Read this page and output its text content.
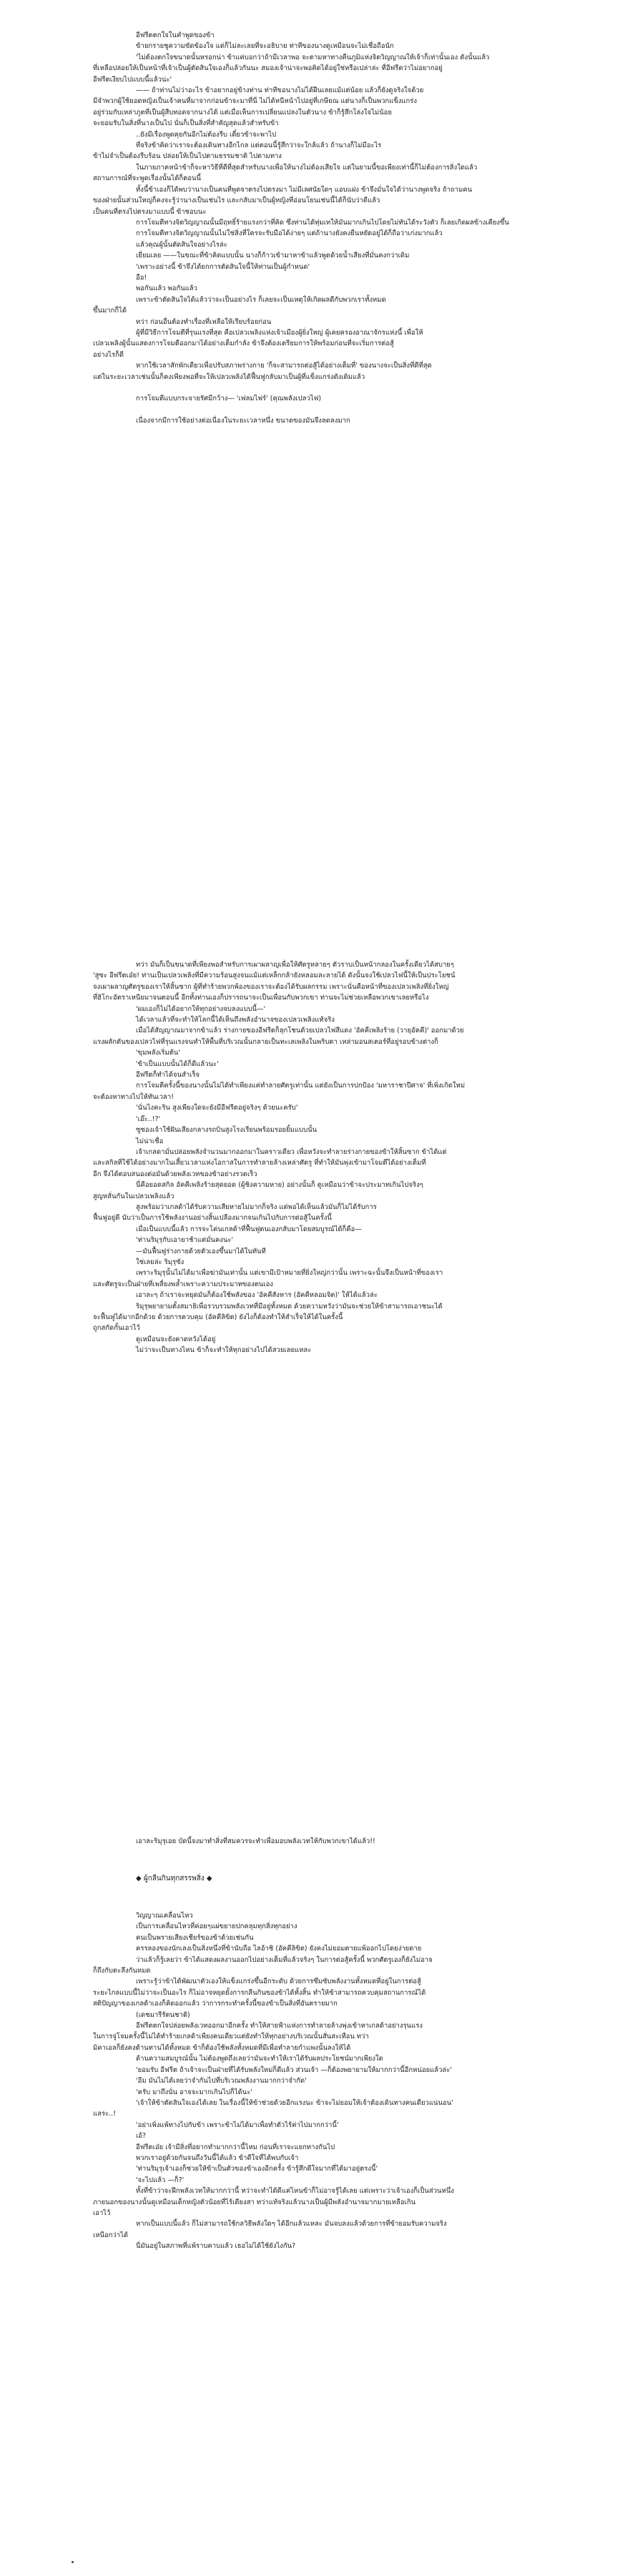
อีฟรีตตกใจในคำพูดของข้า

ข้ายกรายชูความขัดข้องใจ แต่ก็ไม่ละเลยที่จะอธิบาย ท่าทีของนางดูเหมือนจะไม่เชื่อถือนัก

'ไม่ต้องตกใจขนาดนั้นหรอกน่า ข้าแค่บอกว่าถ้ามีเวลาพอ จะตามหาทางคืนภูมิแห่งจิตวิญญาณให้เจ้าก็เท่านั้นเอง ดังนั้นแล้ว

ที่เหลือปล่อยให้เป็นหน้าที่เจ้าเป็นผู้ตัดสินใจเองก็แล้วกันนะ สมองเจ้าน่าจะพอคิดได้อยู่ใช่หรือเปล่าล่ะ ที่อีฟรีตว่าไม่อยากอยู่

อีฟรีตเงียบไปแบบนี้แล้วน่ะ'

—— ถ้าท่านไม่ว่าอะไร ข้าอยากอยู่ข้างท่าน ท่าทีขอนางไม่ได้ฝืนเลยแม้แต่น้อย แล้วก็ยังดูจริงใจด้วย

มีจำพวกผู้ใช้ยอดหญิงเป็นเจ้าคนที่มาจากก่อนข้าจะมาที่นี่ ไม่ได้หนีหน้าไปอยู่ที่เกษียณ แต่นางก็เป็นพวกแข็งแกร่ง

อยู่ร่วมกับเหล่าภูตที่เป็นผู้สืบทอดจากนางได้ แต่เมื่อเห็นการเปลี่ยนแปลงในตัวนาง ข้าก็รู้สึกโล่งใจไม่น้อย

จะยอมรับในสิ่งที่นางเป็นไป นั่นก็เป็นสิ่งที่สำคัญสุดแล้วสำหรับข้า

..ยังมีเรื่องพูดคุยกันอีกไม่ต้องรีบ เดี๋ยวข้าจะพาไป

ที่จริงข้าคิดว่าเราจะต้องเดินทางอีกไกล แต่ตอนนี้รู้สึกว่าจะใกล้แล้ว ถ้านางก็ไม่มีอะไร

ข้าไม่จำเป็นต้องรีบร้อน ปล่อยให้เป็นไปตามธรรมชาติ ไปตามทาง

ในภายภาคหน้าข้าก็จะหาวิธีที่ดีที่สุดสำหรับนางเพื่อให้นางไม่ต้องเสียใจ แต่ในยามนี้ขอเพียงเท่านี้ก็ไม่ต้องการสิ่งใดแล้ว

สถานการณ์ที่จะพูดเรื่องนั้นได้ก็ตอนนี้

ทั้งนี้ข้าเองก็ได้พบว่านางเป็นคนที่พูดจาตรงไปตรงมา ไม่มีเลศนัยใดๆ แอบแฝง ข้าจึงมั่นใจได้ว่านางพูดจริง ถ้าถามคน

ของฝ่ายนั้นส่วนใหญ่ก็คงจะรู้ว่านางเป็นเช่นไร และกลับมาเป็นผู้หญิงที่อ่อนโยนเช่นนี้ได้ก็นับว่าดีแล้ว

เป็นคนที่ตรงไปตรงมาแบบนี้ ข้าชอบนะ

การโจมตีทางจิตวิญญาณนั้นมีฤทธิ์ร้ายแรงกว่าที่คิด ซึ่งท่านได้ทุ่มเทให้มันมากเกินไปโดยไม่ทันได้ระวังตัว ก็เลยเกิดผลข้างเคียงขึ้น

การโจมตีทางจิตวิญญาณนั้นไม่ใช่สิ่งที่ใครจะรับมือได้ง่ายๆ แต่ถ้านางยังคงยืนหยัดอยู่ได้ก็ถือว่าเก่งมากแล้ว

แล้วคุณผู้นั้นตัดสินใจอย่างไรล่ะ

เยี่ยมเลย ——ในขณะที่ข้าคิดแบบนั้น นางก็ก้าวเข้ามาหาข้าแล้วพูดด้วยน้ำเสียงที่มั่นคงกว่าเดิม

'เพราะอย่างนี้ ข้าจึงได้ยกการตัดสินใจนี้ให้ท่านเป็นผู้กำหนด'

อือ!

พอกันแล้ว พอกันแล้ว

เพราะข้าตัดสินใจได้แล้วว่าจะเป็นอย่างไร ก็เลยจะเป็นเหตุให้เกิดผลดีกับพวกเราทั้งหมด

ขึ้นมากก็ได้

ทว่า ก่อนอื่นต้องทำเรื่องที่เหลือให้เรียบร้อยก่อน

ผู้ที่มีวิธีการโจมตีที่รุนแรงที่สุด คือเปลวเพลิงแห่งเจ้าเมืองผู้ยิ่งใหญ่ ผู้เคยครองอาณาจักรแห่งนี้ เพื่อให้

เปลวเพลิงผู้นั้นแสดงการโจมตีออกมาได้อย่างเต็มกำลัง ข้าจึงต้องเตรียมการให้พร้อมก่อนที่จะเริ่มการต่อสู้

อย่างไรก็ดี

หากใช้เวลาสักพักเดียวเพื่อปรับสภาพร่างกาย 'ก็จะสามารถต่อสู้ได้อย่างเต็มที่' ของนางจะเป็นสิ่งที่ดีที่สุด

แต่ในระยะเวลาเช่นนั้นก็คงเพียงพอที่จะให้เปลวเพลิงได้ฟื้นฟูกลับมาเป็นผู้ที่แข็งแกร่งดังเดิมแล้ว

การโจมตีแบบกระจายรัศมีกว้าง— 'เฟลมไฟร์' (คุณพลังเปลวไฟ)

เนื่องจากมีการใช้อย่างต่อเนื่องในระยะเวลาหนึ่ง ขนาดของมันจึงลดลงมาก

ทว่า มันก็เป็นขนาดที่เพียงพอสำหรับการเผาผลาญเพื่อให้ศัตรูหลายๆ ตัวราบเป็นหน้ากลองในครั้งเดียวได้สบายๆ

'สูซะ อีฟรีตเอ๋ย! ท่านเป็นเปลวเพลิงที่มีความร้อนสูงจนแม้แต่เหล็กกล้ายังหลอมละลายได้ ดังนั้นจงใช้เปลวไฟนี้ให้เป็นประโยชน์

จงเผาผลาญศัตรูของเราให้สิ้นซาก ผู้ที่ทำร้ายพวกพ้องของเราจะต้องได้รับผลกรรม เพราะนั่นคือหน้าที่ของเปลวเพลิงที่ยิ่งใหญ่

ที่ฮิโกะอัตราเหนียมาจนตอนนี้ อีกทั้งท่านเองก็ปรารถนาจะเป็นเพื่อนกับพวกเขา ท่านจะไม่ช่วยเหลือพวกเขาเลยหรือไง

'ผมเองก็ไม่ได้อยากให้ทุกอย่างจบลงแบบนี้—'

ได้เวลาแล้วที่จะทำให้โลกนี้ได้เห็นถึงพลังอำนาจของเปลวเพลิงแท้จริง

เมื่อได้สัญญาณมาจากข้าแล้ว ร่างกายของอีฟรีตก็ลุกโชนด้วยเปลวไฟสีแดง 'อัคคีเพลิงร้าย (วายุอัคคี)' ออกมาด้วย

แรงผลักดันของเปลวไฟที่รุนแรงจนทำให้พื้นที่บริเวณนั้นกลายเป็นทะเลเพลิงในพริบตา เหล่ามอนสเตอร์ที่อยู่รอบข้างต่างก็

'ขุมพลังเริ่มต้น'

'ข้าเป็นแบบนั้นได้ก็ดีแล้วนะ'

อีฟรีตก็ทำได้จนสำเร็จ

การโจมตีครั้งนี้ของนางนั้นไม่ได้ทำเพียงแค่ทำลายศัตรูเท่านั้น แต่ยังเป็นการปกป้อง 'มหาราชาปีศาจ' ที่เพิ่งเกิดใหม่

จะต้องหาทางไปให้ทันเวลา!

'นั่นไงคะริน สูงเพียงใดจะยังมีอีฟรีตอยู่จริงๆ ด้วยนะครับ'

'เอ๊ะ..!?'

ซูซองเจ้าใช้ฝันเสียงกลางรถบินสูงโรงเรียนพร้อมรอยยิ้มแบบนั้น

ไม่น่าเชื่อ

เจ้าเกลดามั่นปล่อยพลังจำนวนมากออกมาในคราวเดียว เพื่อหวังจะทำลายร่างกายของข้าให้สิ้นซาก ข้าได้แต่

และสกิลที่ใช้ได้อย่างมากในเสี้ยวเวลาแห่งโอกาสในการทำลายล้างเหล่าศัตรู ที่ทำให้มันพุ่งเข้ามาโจมตีได้อย่างเต็มที่

อีก จึงได้ตอบสนองต่อมันด้วยพลังเวทของข้าอย่างรวดเร็ว

นี่คือยอดสกิล อัคคีเพลิงร้ายสุดยอด (ผู้ชิงความหาย) อย่างนั้นก็ ดูเหมือนว่าข้าจะประมาทเกินไปจริงๆ

สูญหลั่นกันในเปลวเพลิงแล้ว

สูงพร้อมว่าเกลด้าได้รับความเสียหายไม่มากก็จริง แต่พอได้เห็นแล้วมันก็ไม่ได้รับการ

ฟื้นฟูอยู่ดี นับว่าเป็นการใช้พลังงานอย่างสิ้นเปลืองมากจนเกินไปกับการต่อสู้ในครั้งนี้

เมื่อเป็นแบบนี้แล้ว การจะโค่นเกลด้าที่ฟื้นฟูตนเองกลับมาโดยสมบูรณ์ได้ก็คือ—

'ท่านริมุรุกับเอายาช้าแต่มั่นคงนะ'

—มันฟื้นฟูร่างกายด้วยตัวเองขึ้นมาได้ในทันที

ใช่เลยล่ะ ริมุรุซัง

เพราะริมุรุนั้นไม่ได้มาเพื่อฆ่ามันเท่านั้น แต่เขามีเป้าหมายที่ยิ่งใหญ่กว่านั้น เพราะฉะนั้นจึงเป็นหน้าที่ของเรา

และศัตรูจะเป็นฝ่ายที่เพลี่ยงพล้ำเพราะความประมาทของตนเอง

เอาละๆ ถ้าเราจะหยุดมันก็ต้องใช้พลังของ 'อัคคีสังหาร (อัคคีหลอมจิต)' ให้ได้แล้วล่ะ

ริมุรุพยายามตั้งสมาธิเพื่อรวบรวมพลังเวทที่มีอยู่ทั้งหมด ด้วยความหวังว่ามันจะช่วยให้ข้าสามารถเอาชนะได้

จะฟื้นฟูได้มากอีกด้วย ด้วยการควบคุม (อัคคีลิขิต) ยังไงก็ต้องทำให้สำเร็จให้ได้ในครั้งนี้

ถูกสกัดกั้นเอาไว้

ดูเหมือนจะยังคาดหวังได้อยู่

ไม่ว่าจะเป็นทางไหน ข้าก็จะทำให้ทุกอย่างไปได้สวยเลยแหละ

เอาละริมุรุเอย บัดนี้จงมาทำสิ่งที่สมควรจะทำเพื่อมอบพลังเวทให้กับพวกเขาได้แล้ว!!

◆ ผู้กลืนกินทุกสรรพสิ่ง ◆

วิญญาณเคลื่อนไหว

เป็นการเคลื่อนไหวที่ค่อยๆแผ่ขยายปกคลุมทุกสิ่งทุกอย่าง

คนเป็นพรายเสียงเชียร์ของข้าด้วยเช่นกัน

ครรลองของนักเลงเป็นสิ่งหนึ่งที่ข้านับถือ ไลอ้าชิ (อัคคีลิขิต) ยังคงไม่ยอมตายแพ้ออกไปโดยง่ายดาย

ว่าแล้วก็รู้เลยว่า ข้าได้แสดงผลงานออกไปอย่างเต็มที่แล้วจริงๆ ในการต่อสู้ครั้งนี้ พวกศัตรูเองก็ยังไม่อาจ

ก็ถึงกับตะลึงกันหมด

เพราะรู้ว่าข้าได้พัฒนาตัวเองให้แข็งแกร่งขึ้นอีกระดับ ด้วยการซึมซับพลังงานทั้งหมดที่อยู่ในการต่อสู้

ระยะไกลแบบนี้ไม่ว่าจะเป็นอะไร ก็ไม่อาจหยุดยั้งการกลืนกินของข้าได้ทั้งสิ้น ทำให้ข้าสามารถควบคุมสถานการณ์ได้

สติปัญญาของเกลด้าเองก็คิดออกแล้ว ว่าการกระทำครั้งนี้ของข้าเป็นสิ่งที่อันตรายมาก

(เดชมารีรัตนชาติ)

อีฟรีตตกใจปล่อยพลังเวทออกมาอีกครั้ง ทำให้สายฟ้าแห่งการทำลายล้างพุ่งเข้าหาเกลด้าอย่างรุนแรง

ในการจู่โจมครั้งนี้ไม่ได้ทำร้ายเกลด้าเพียงคนเดียวแต่ยังทำให้ทุกอย่างบริเวณนั้นสั่นสะเทือน ทว่า

มิคาเอลก็ยังคงต้านทานได้ทั้งหมด ข้าก็ต้องใช้พลังทั้งหมดที่มีเพื่อทำลายกำแพงนั้นลงให้ได้

ด้านความสมบูรณ์นั้น ไม่ต้องพูดถึงเลยว่ามันจะทำให้เราได้รับผลประโยชน์มากเพียงใด

'ยอมรับ อีฟรีต ถ้าเจ้าจะเป็นฝ่ายที่ได้รับพลังใหม่ก็ดีแล้ว ส่วนเจ้า —ก็ต้องพยายามให้มากกว่านี้อีกหน่อยแล้วล่ะ'

'อืม มันไม่ได้เลยว่าจำกันไปที่บริเวณพลังงานมากกว่าจำกัด'

'ครับ มาถึงนั่น อาจจะมากเกินไปก็ได้นะ'

'เจ้าให้ข้าตัดสินใจเองได้เลย ในเรื่องนี้ให้ข้าช่วยด้วยอีกแรงนะ ข้าจะไม่ยอมให้เจ้าต้องเดินทางคนเดียวแน่นอน'

แลระ..!

'อย่าเพิ่งแพ้ทางไปกับข้า เพราะข้าไม่ได้มาเพื่อทำตัวไร้ค่าไปมากกว่านี้'

เอ้?

อีฟรีตเอ๋ย เจ้ามีสิ่งที่อยากทำมากกว่านี้ไหม ก่อนที่เราจะแยกทางกันไป

พวกเราอยู่ด้วยกันจนถึงวันนี้ได้แล้ว ข้าดีใจที่ได้พบกับเจ้า

'ท่านริมุรุเจ้าเองก็ช่วยให้ข้าเป็นตัวของข้าเองอีกครั้ง ข้ารู้สึกดีใจมากที่ได้มาอยู่ตรงนี้'

'จะไปแล้ว —ก็?'

ทั้งที่ข้าว่าจะฝึกพลังเวทให้มากกว่านี้ ทว่าจะทำได้ดีแค่ไหนข้าก็ไม่อาจรู้ได้เลย แต่เพราะว่าเจ้าเองก็เป็นส่วนหนึ่ง

ภายนอกของนางนั้นดูเหมือนเด็กหญิงตัวน้อยที่ไร้เดียงสา ทว่าแท้จริงแล้วนางเป็นผู้มีพลังอำนาจมากมายเหลือเกิน

เอาไว้

หากเป็นแบบนี้แล้ว ก็ไม่สามารถใช้กลวิธีพลังใดๆ ได้อีกแล้วแหละ มันจบลงแล้วด้วยการที่ข้ายอมรับความจริง

เหนือกว่าได้

นี่มันอยู่ในสภาพที่แพ้ราบคาบแล้ว เธอไม่ได้ใช้ยังไงกัน?
